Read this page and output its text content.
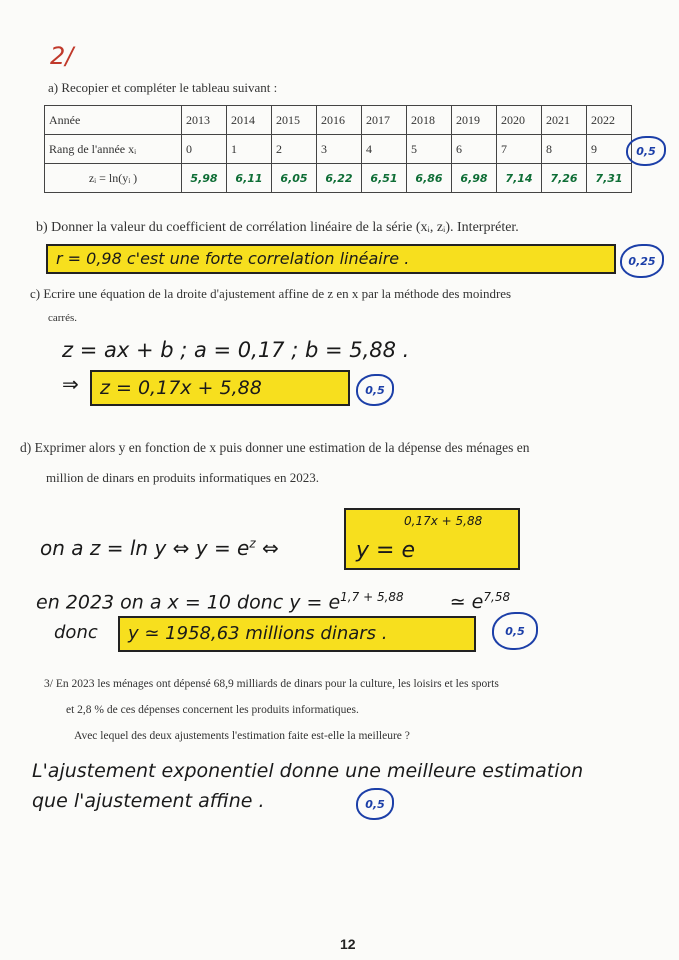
2/
a) Recopier et compléter le tableau suivant :
Année	2013	2014	2015	2016	2017	2018	2019	2020	2021	2022
Rang de l'année xᵢ	0	1	2	3	4	5	6	7	8	9
zᵢ = ln(yᵢ )	5,98	6,11	6,05	6,22	6,51	6,86	6,98	7,14	7,26	7,31
0,5
b) Donner la valeur du coefficient de corrélation linéaire de la série (xᵢ, zᵢ). Interpréter.
r = 0,98 c'est une forte correlation linéaire .	0,25
c) Ecrire une équation de la droite d'ajustement affine de z en x par la méthode des moindres
carrés.
z = ax + b ; a = 0,17 ; b = 5,88 .
⇒	z = 0,17x + 5,88	0,5
d) Exprimer alors y en fonction de x puis donner une estimation de la dépense des ménages en
million de dinars en produits informatiques en 2023.
on a z = ln y ⇔ $y = e^z$ ⇔	y = e
0,17x + 5,88
en 2023 on a x = 10 donc $y = e^{1,7 + 5,88}$ ≃ $e^{7,58}$
donc	y ≃ 1958,63 millions dinars .	0,5
3/ En 2023 les ménages ont dépensé 68,9 milliards de dinars pour la culture, les loisirs et les sports
et 2,8 % de ces dépenses concernent les produits informatiques.
Avec lequel des deux ajustements l'estimation faite est-elle la meilleure ?
L'ajustement exponentiel donne une meilleure estimation
que l'ajustement affine .	0,5
12
